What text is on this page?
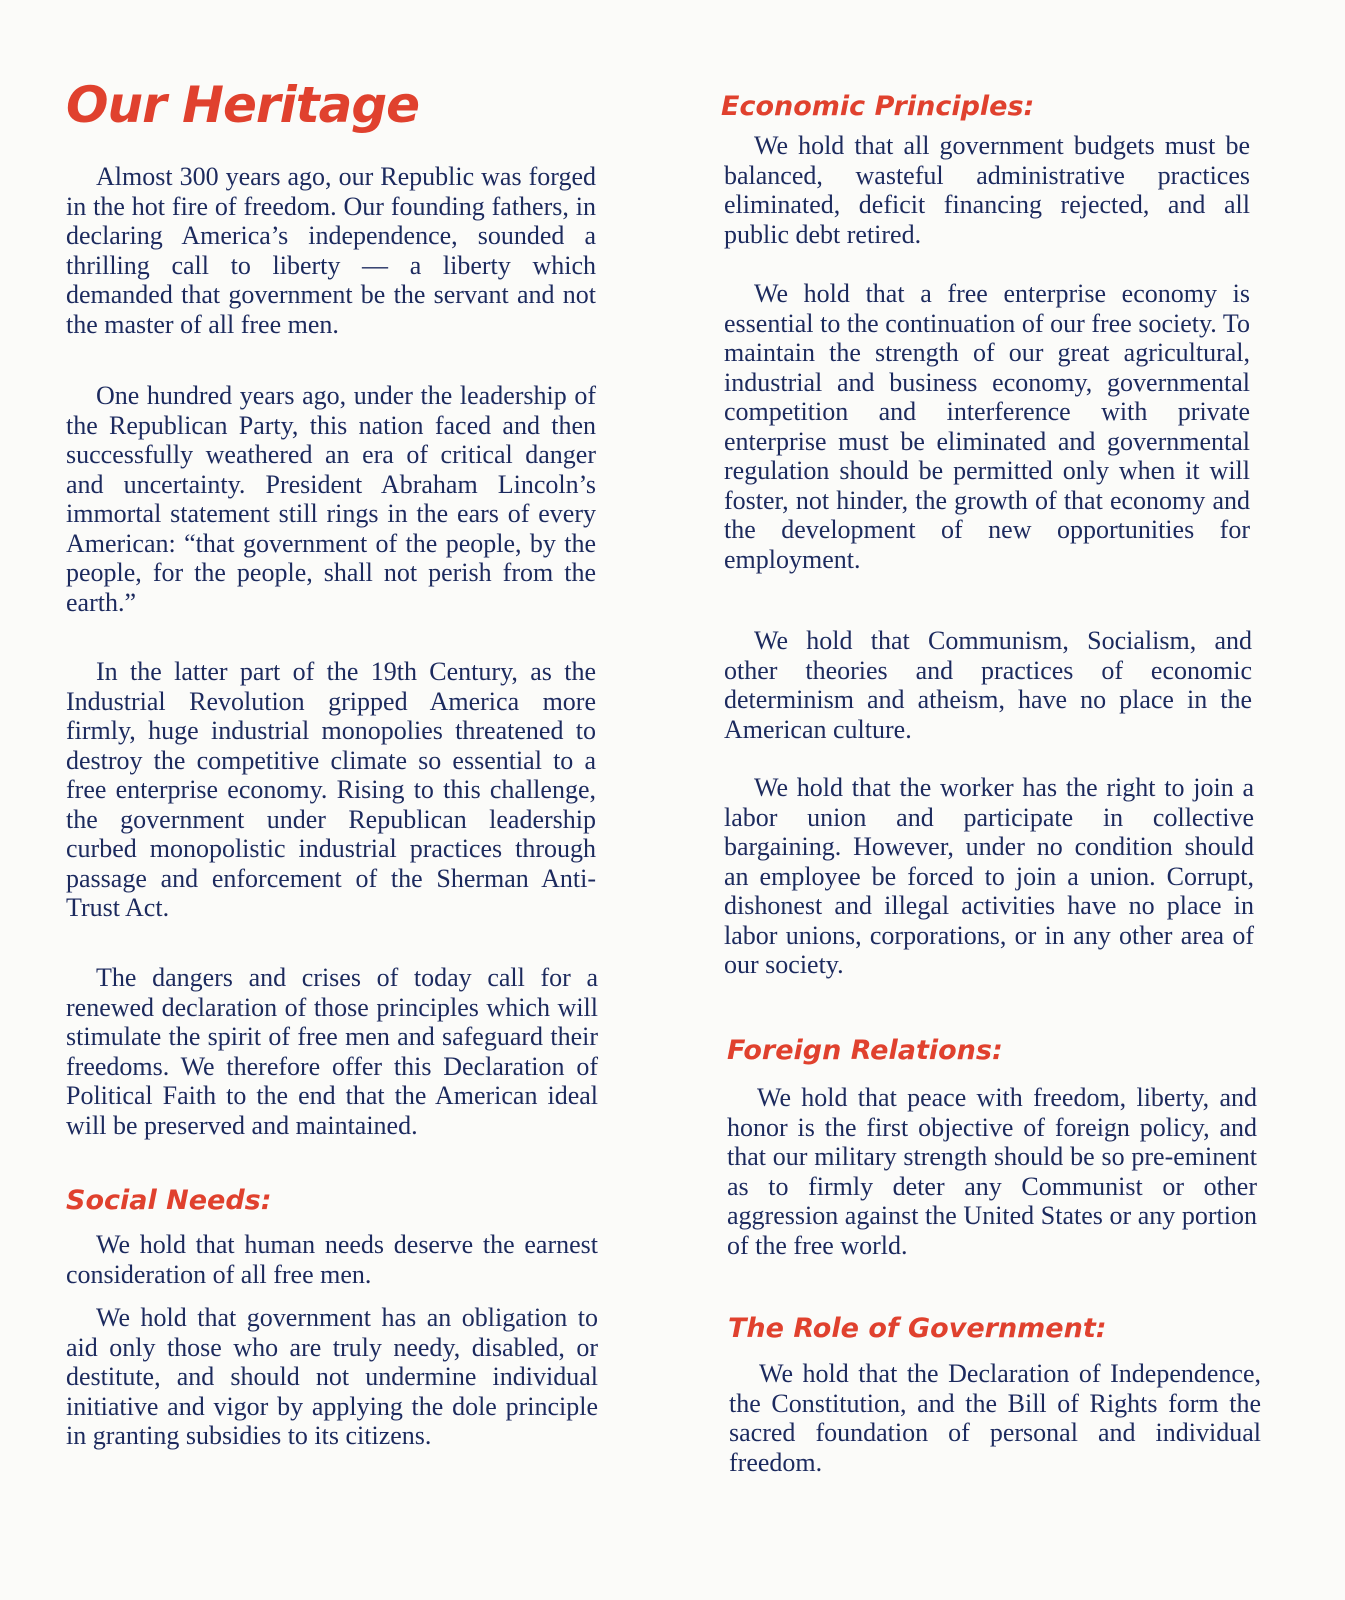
Our Heritage

Almost 300 years ago, our Republic was forged in the hot fire of freedom. Our founding fathers, in declaring America’s independence, sounded a thrilling call to liberty — a liberty which demanded that government be the servant and not the master of all free men.

One hundred years ago, under the leadership of the Republican Party, this nation faced and then successfully weathered an era of critical danger and uncertainty. President Abraham Lincoln’s immortal statement still rings in the ears of every American: “that government of the people, by the people, for the people, shall not perish from the earth.”

In the latter part of the 19th Century, as the Industrial Revolution gripped America more firmly, huge industrial monopolies threatened to destroy the competitive climate so essential to a free enterprise economy. Rising to this challenge, the government under Republican leadership curbed monopolistic industrial practices through passage and enforcement of the Sherman Anti-Trust Act.

The dangers and crises of today call for a renewed declaration of those principles which will stimulate the spirit of free men and safeguard their freedoms. We therefore offer this Declaration of Political Faith to the end that the American ideal will be preserved and maintained.

Social Needs:

We hold that human needs deserve the earnest consideration of all free men.

We hold that government has an obligation to aid only those who are truly needy, disabled, or destitute, and should not undermine individual initiative and vigor by applying the dole principle in granting subsidies to its citizens.

Economic Principles:

We hold that all government budgets must be balanced, wasteful administrative practices eliminated, deficit financing rejected, and all public debt retired.

We hold that a free enterprise economy is essential to the continuation of our free society. To maintain the strength of our great agricultural, industrial and business economy, governmental competition and interference with private enterprise must be eliminated and governmental regulation should be permitted only when it will foster, not hinder, the growth of that economy and the development of new opportunities for employment.

We hold that Communism, Socialism, and other theories and practices of economic determinism and atheism, have no place in the American culture.

We hold that the worker has the right to join a labor union and participate in collective bargaining. However, under no condition should an employee be forced to join a union. Corrupt, dishonest and illegal activities have no place in labor unions, corporations, or in any other area of our society.

Foreign Relations:

We hold that peace with freedom, liberty, and honor is the first objective of foreign policy, and that our military strength should be so pre-eminent as to firmly deter any Communist or other aggression against the United States or any portion of the free world.

The Role of Government:

We hold that the Declaration of Independence, the Constitution, and the Bill of Rights form the sacred foundation of personal and individual freedom.
